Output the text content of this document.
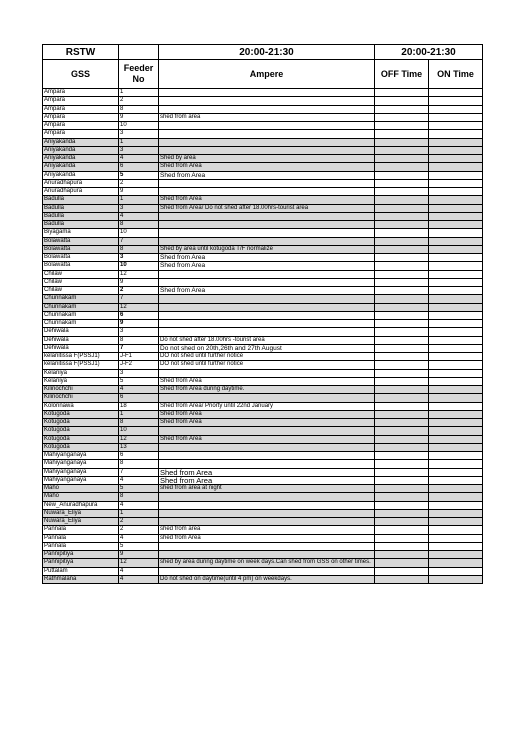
RSTW		20:00-21:30	20:00-21:30	
GSS	Feeder No	Ampere	OFF Time	ON Time
Ampara	1			
Ampara	2			
Ampara	8			
Ampara	9	shed from area		
Ampara	10			
Ampara	3			
Aniyakanda	1			
Aniyakanda	3			
Aniyakanda	4	Shed by area		
Aniyakanda	6	Shed from Area		
Aniyakanda	5	Shed from Area		
Anuradhapura	2			
Anuradhapura	9			
Badulla	1	Shed from Area		
Badulla	3	Shed from Area/ Do not shed after 18.00hrs-tourist area		
Badulla	4			
Badulla	8			
Biyagama	10			
Bolawatta	7			
Bolawatta	8	Shed by area until kotugoda T/F normalize		
Bolawatta	3	Shed from Area		
Bolawatta	10	Shed from Area		
Chilaw	12			
Chilaw	9			
Chilaw	2	Shed from Area		
Chunnakam	7			
Chunnakam	12			
Chunnakam	6			
Chunnakam	9			
Dehiwala	3			
Dehiwala	8	Do not shed after 18.00hrs -tourist area		
Dehiwala	7	Do not shed on 20th,26th and 27th August		
kelanitissa F(PSSJ1)	J-F1	DO not shed until further notice		
kelanitissa F(PSSJ1)	J-F2	DO not shed until further notice		
Kelaniya	3			
Kelaniya	5	Shed from Area		
Kilinochchi	4	Shed from Area during daytime.		
Kilinochchi	6			
Kolonnawa	18	Shed from Area/ Priorty until 22nd January		
Kotugoda	1	Shed from Area		
Kotugoda	8	Shed from Area		
Kotugoda	10			
Kotugoda	12	Shed from Area		
Kotugoda	13			
Mahiyanganaya	6			
Mahiyanganaya	8			
Mahiyanganaya	7	Shed from Area		
Mahiyanganaya	4	Shed from Area		
Maho	5	shed from area at night		
Maho	8			
New_Anuradhapura	4			
Nuwara_Eliya	1			
Nuwara_Eliya	2			
Pannala	2	shed from area		
Pannala	4	shed from Area		
Pannala	5			
Pannipitiya	9			
Pannipitiya	12	shed by area during daytime on week days.Can shed from GSS on other times.		
Puttalam	4			
Rathmalana	4	Do not shed on daytime(until 4 pm) on weekdays.		
